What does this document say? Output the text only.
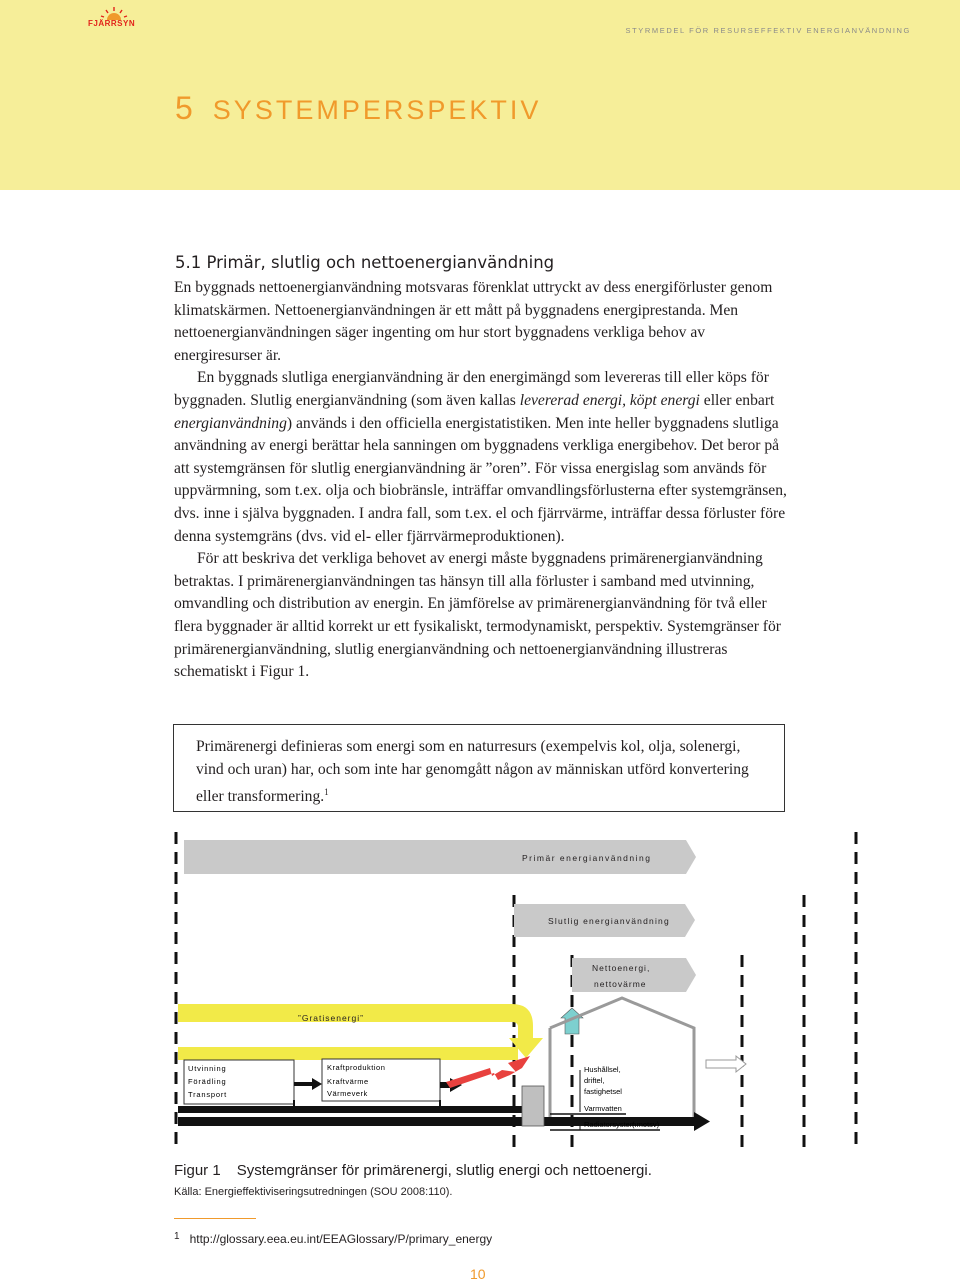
FJÄRRSYN
STYRMEDEL FÖR RESURSEFFEKTIV ENERGIANVÄNDNING
5 SYSTEMPERSPEKTIV
5.1 Primär, slutlig och nettoenergianvändning

En byggnads nettoenergianvändning motsvaras förenklat uttryckt av dess energiförluster genom klimatskärmen. Nettoenergianvändningen är ett mått på byggnadens energiprestanda. Men nettoenergianvändningen säger ingenting om hur stort byggnadens verkliga behov av energiresurser är.

En byggnads slutliga energianvändning är den energimängd som levereras till eller köps för byggnaden. Slutlig energianvändning (som även kallas levererad energi, köpt energi eller enbart energianvändning) används i den officiella energistatistiken. Men inte heller byggnadens slutliga användning av energi berättar hela sanningen om byggnadens verkliga energibehov. Det beror på att systemgränsen för slutlig energianvändning är ”oren”. För vissa energislag som används för uppvärmning, som t.ex. olja och biobränsle, inträffar omvandlingsförlusterna efter systemgränsen, dvs. inne i själva byggnaden. I andra fall, som t.ex. el och fjärrvärme, inträffar dessa förluster före denna systemgräns (dvs. vid el- eller fjärrvärmeproduktionen).

För att beskriva det verkliga behovet av energi måste byggnadens primärenergianvändning betraktas. I primärenergianvändningen tas hänsyn till alla förluster i samband med utvinning, omvandling och distribution av energin. En jämförelse av primärenergianvändning för två eller flera byggnader är alltid korrekt ur ett fysikaliskt, termodynamiskt, perspektiv. Systemgränser för primärenergianvändning, slutlig energianvändning och nettoenergianvändning illustreras schematiskt i Figur 1.

Primärenergi definieras som energi som en naturresurs (exempelvis kol, olja, solenergi, vind och uran) har, och som inte har genomgått någon av människan utförd konvertering eller transformering.$^1$
Primär energianvändning
Slutlig energianvändning
Nettoenergi,
nettovärme
”Gratisenergi”
Utvinning
Förädling
Transport
Kraftproduktion
Kraftvärme
Värmeverk
Hushållsel,
driftel,
fastighetsel
Varmvatten
Radiatorsystem
( motsv)
Figur 1 Systemgränser för primärenergi, slutlig energi och nettoenergi.
Källa: Energieffektiviseringsutredningen (SOU 2008:110).
$^1$ http://glossary.eea.eu.int/EEAGlossary/P/primary_energy
10
